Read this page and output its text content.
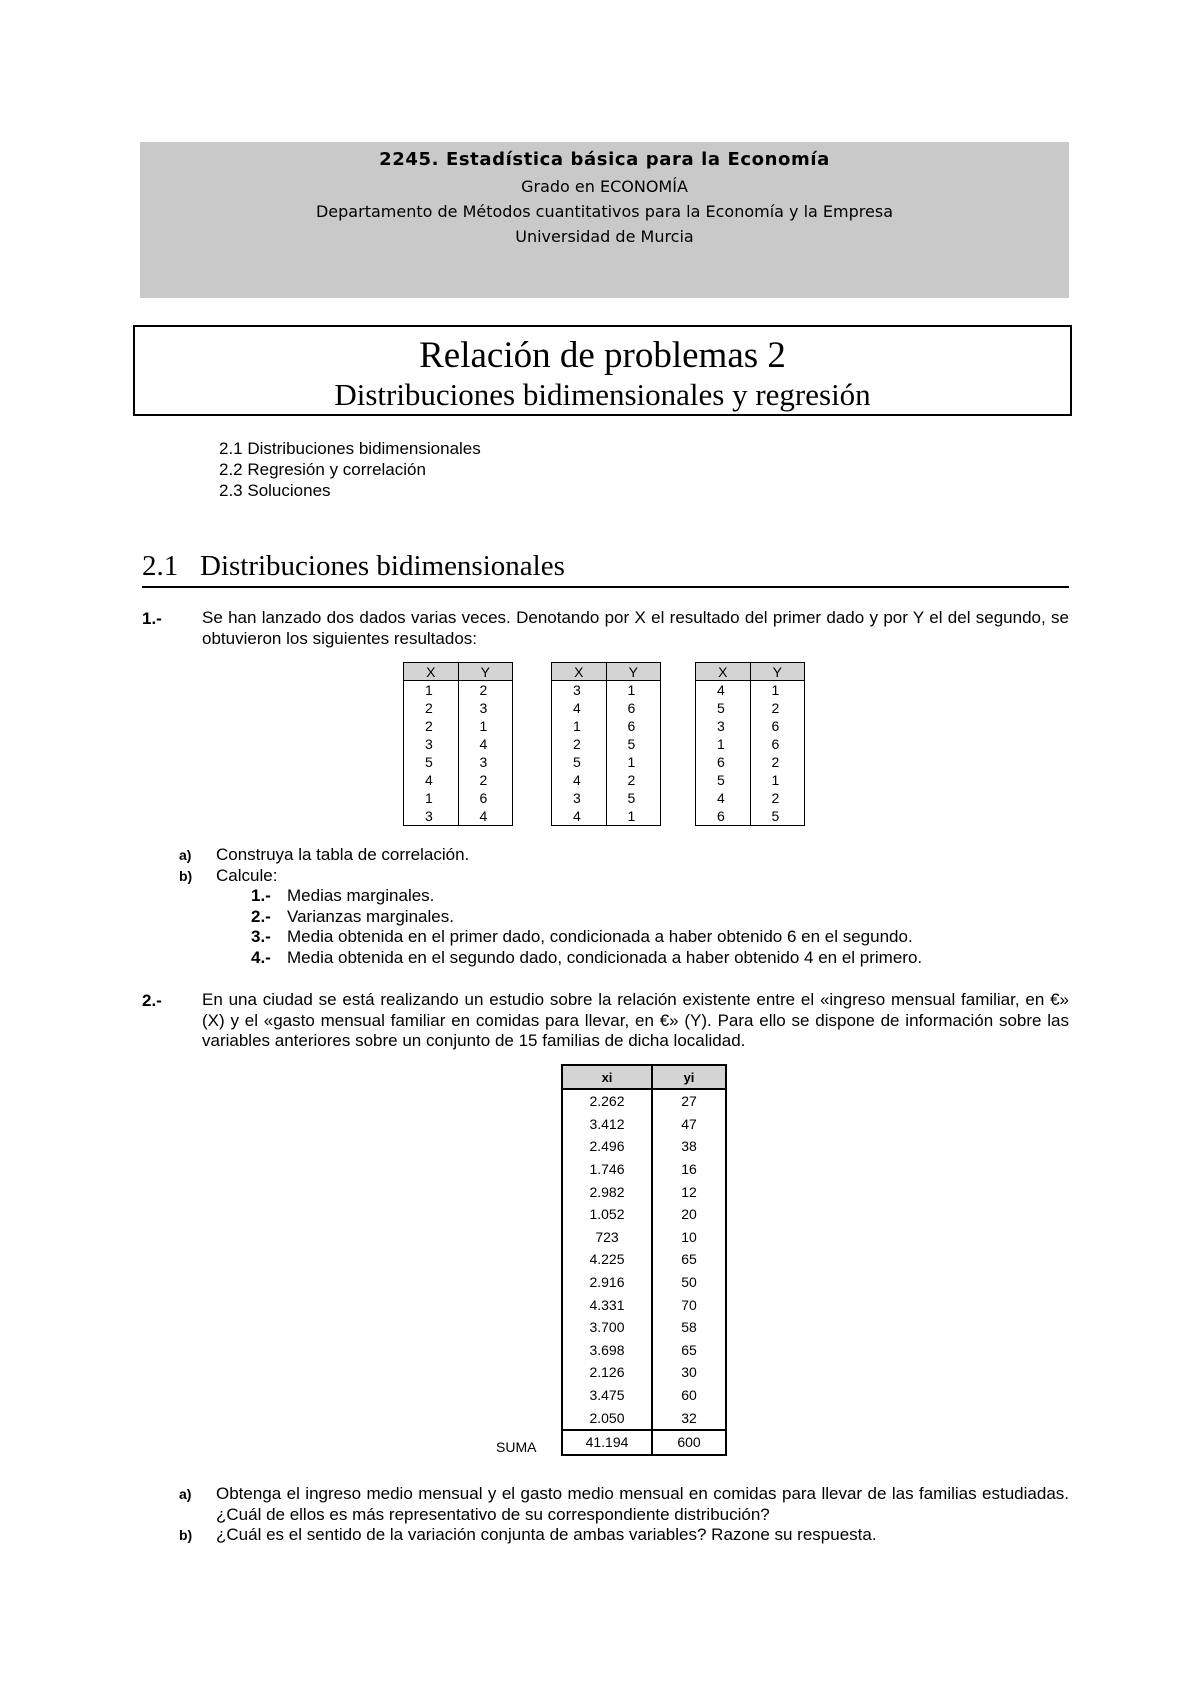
2245. Estadística básica para la Economía
Grado en ECONOMÍA
Departamento de Métodos cuantitativos para la Economía y la Empresa
Universidad de Murcia
Relación de problemas 2
Distribuciones bidimensionales y regresión
2.1 Distribuciones bidimensionales
2.2 Regresión y correlación
2.3 Soluciones
2.1 Distribuciones bidimensionales
1.- Se han lanzado dos dados varias veces. Denotando por X el resultado del primer dado y por Y el del segundo, se obtuvieron los siguientes resultados:
X	Y
1	2
2	3
2	1
3	4
5	3
4	2
1	6
3	4
X	Y
3	1
4	6
1	6
2	5
5	1
4	2
3	5
4	1
X	Y
4	1
5	2
3	6
1	6
6	2
5	1
4	2
6	5
a) Construya la tabla de correlación.
b) Calcule:
1.- Medias marginales.
2.- Varianzas marginales.
3.- Media obtenida en el primer dado, condicionada a haber obtenido 6 en el segundo.
4.- Media obtenida en el segundo dado, condicionada a haber obtenido 4 en el primero.
2.- En una ciudad se está realizando un estudio sobre la relación existente entre el «ingreso mensual familiar, en €» (X) y el «gasto mensual familiar en comidas para llevar, en €» (Y). Para ello se dispone de información sobre las variables anteriores sobre un conjunto de 15 familias de dicha localidad.
SUMA
xi	yi
2.262	27
3.412	47
2.496	38
1.746	16
2.982	12
1.052	20
723	10
4.225	65
2.916	50
4.331	70
3.700	58
3.698	65
2.126	30
3.475	60
2.050	32
41.194	600
a)	Obtenga el ingreso medio mensual y el gasto medio mensual en comidas para llevar de las familias estudiadas. ¿Cuál de ellos es más representativo de su correspondiente distribución?
b)	¿Cuál es el sentido de la variación conjunta de ambas variables? Razone su respuesta.
